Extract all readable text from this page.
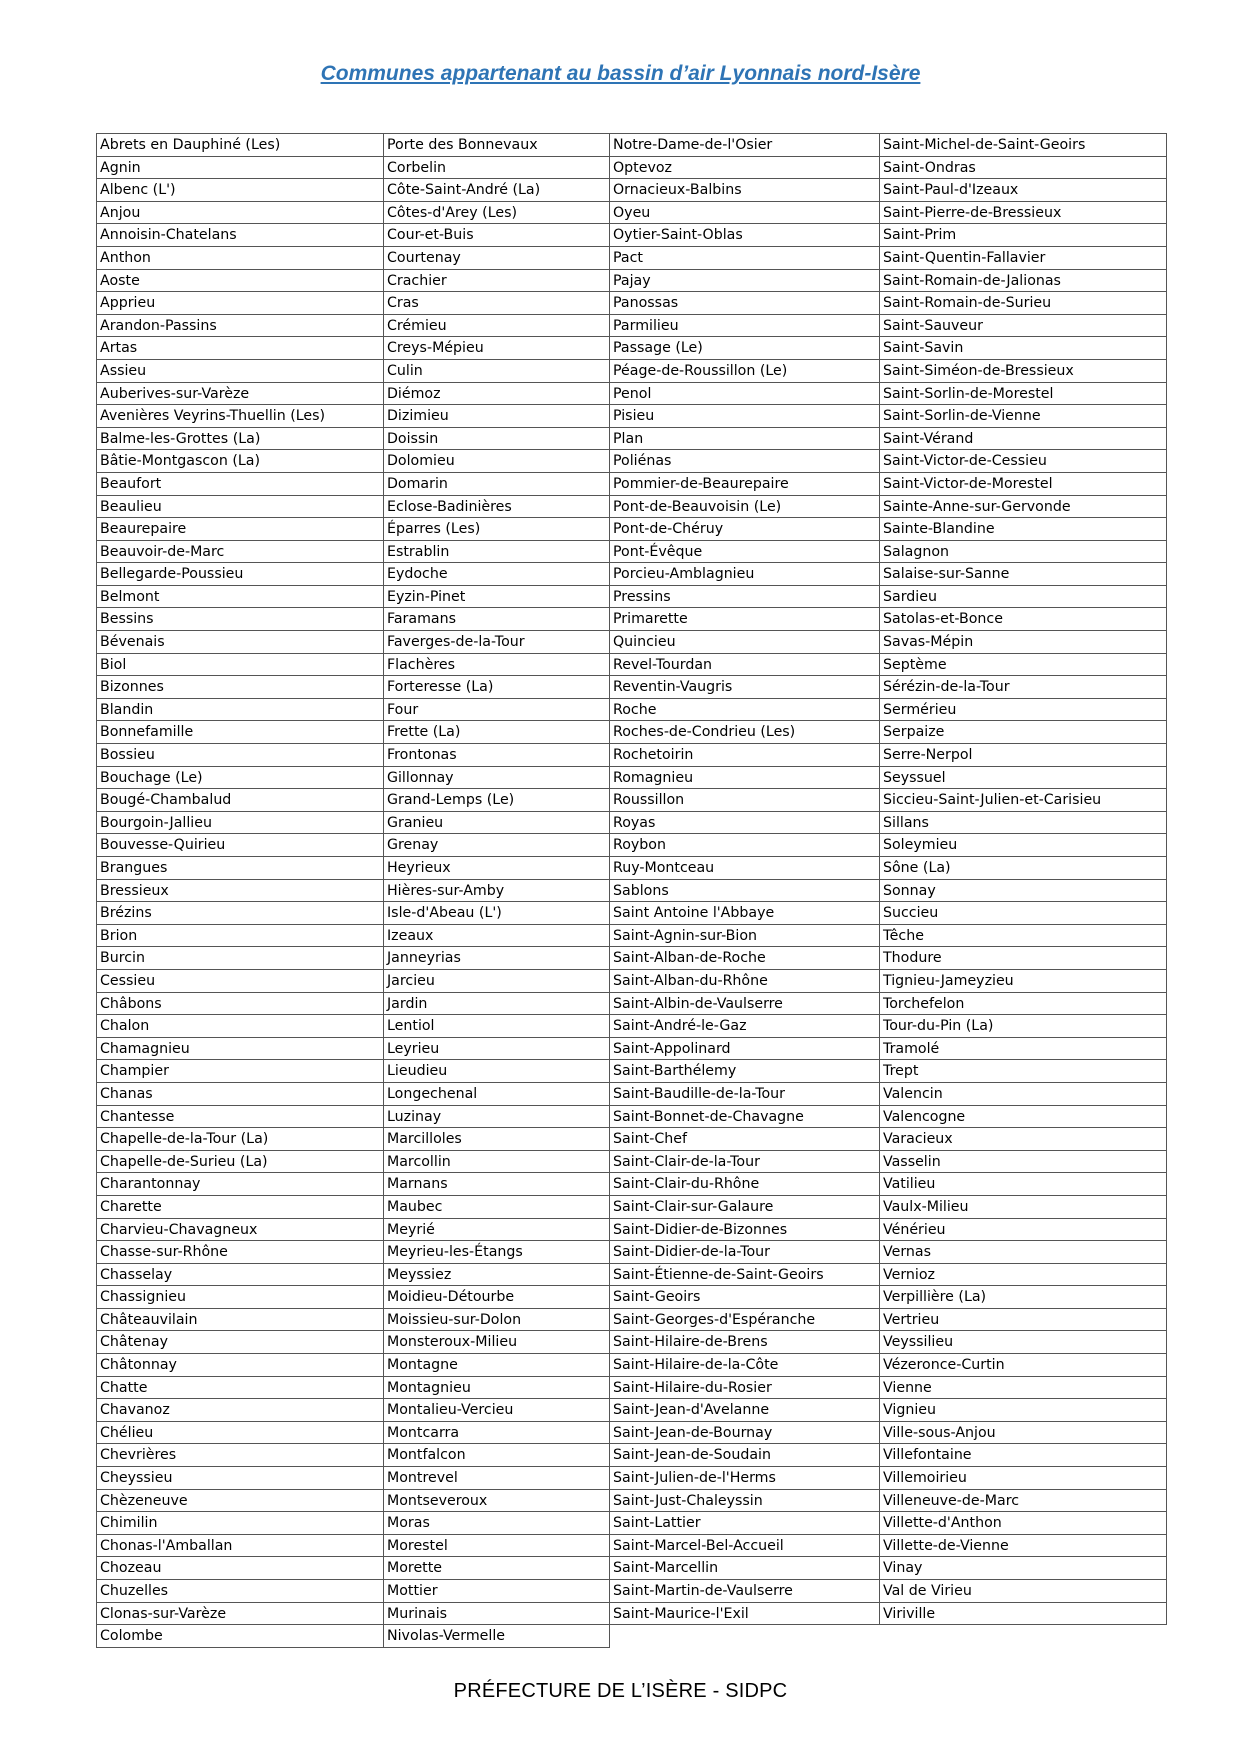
Communes appartenant au bassin d’air Lyonnais nord-Isère
Abrets en Dauphiné (Les)
Agnin
Albenc (L')
Anjou
Annoisin-Chatelans
Anthon
Aoste
Apprieu
Arandon-Passins
Artas
Assieu
Auberives-sur-Varèze
Avenières Veyrins-Thuellin (Les)
Balme-les-Grottes (La)
Bâtie-Montgascon (La)
Beaufort
Beaulieu
Beaurepaire
Beauvoir-de-Marc
Bellegarde-Poussieu
Belmont
Bessins
Bévenais
Biol
Bizonnes
Blandin
Bonnefamille
Bossieu
Bouchage (Le)
Bougé-Chambalud
Bourgoin-Jallieu
Bouvesse-Quirieu
Brangues
Bressieux
Brézins
Brion
Burcin
Cessieu
Châbons
Chalon
Chamagnieu
Champier
Chanas
Chantesse
Chapelle-de-la-Tour (La)
Chapelle-de-Surieu (La)
Charantonnay
Charette
Charvieu-Chavagneux
Chasse-sur-Rhône
Chasselay
Chassignieu
Châteauvilain
Châtenay
Châtonnay
Chatte
Chavanoz
Chélieu
Chevrières
Cheyssieu
Chèzeneuve
Chimilin
Chonas-l'Amballan
Chozeau
Chuzelles
Clonas-sur-Varèze
Colombe
Porte des Bonnevaux
Corbelin
Côte-Saint-André (La)
Côtes-d'Arey (Les)
Cour-et-Buis
Courtenay
Crachier
Cras
Crémieu
Creys-Mépieu
Culin
Diémoz
Dizimieu
Doissin
Dolomieu
Domarin
Eclose-Badinières
Éparres (Les)
Estrablin
Eydoche
Eyzin-Pinet
Faramans
Faverges-de-la-Tour
Flachères
Forteresse (La)
Four
Frette (La)
Frontonas
Gillonnay
Grand-Lemps (Le)
Granieu
Grenay
Heyrieux
Hières-sur-Amby
Isle-d'Abeau (L')
Izeaux
Janneyrias
Jarcieu
Jardin
Lentiol
Leyrieu
Lieudieu
Longechenal
Luzinay
Marcilloles
Marcollin
Marnans
Maubec
Meyrié
Meyrieu-les-Étangs
Meyssiez
Moidieu-Détourbe
Moissieu-sur-Dolon
Monsteroux-Milieu
Montagne
Montagnieu
Montalieu-Vercieu
Montcarra
Montfalcon
Montrevel
Montseveroux
Moras
Morestel
Morette
Mottier
Murinais
Nivolas-Vermelle
Notre-Dame-de-l'Osier
Optevoz
Ornacieux-Balbins
Oyeu
Oytier-Saint-Oblas
Pact
Pajay
Panossas
Parmilieu
Passage (Le)
Péage-de-Roussillon (Le)
Penol
Pisieu
Plan
Poliénas
Pommier-de-Beaurepaire
Pont-de-Beauvoisin (Le)
Pont-de-Chéruy
Pont-Évêque
Porcieu-Amblagnieu
Pressins
Primarette
Quincieu
Revel-Tourdan
Reventin-Vaugris
Roche
Roches-de-Condrieu (Les)
Rochetoirin
Romagnieu
Roussillon
Royas
Roybon
Ruy-Montceau
Sablons
Saint Antoine l'Abbaye
Saint-Agnin-sur-Bion
Saint-Alban-de-Roche
Saint-Alban-du-Rhône
Saint-Albin-de-Vaulserre
Saint-André-le-Gaz
Saint-Appolinard
Saint-Barthélemy
Saint-Baudille-de-la-Tour
Saint-Bonnet-de-Chavagne
Saint-Chef
Saint-Clair-de-la-Tour
Saint-Clair-du-Rhône
Saint-Clair-sur-Galaure
Saint-Didier-de-Bizonnes
Saint-Didier-de-la-Tour
Saint-Étienne-de-Saint-Geoirs
Saint-Geoirs
Saint-Georges-d'Espéranche
Saint-Hilaire-de-Brens
Saint-Hilaire-de-la-Côte
Saint-Hilaire-du-Rosier
Saint-Jean-d'Avelanne
Saint-Jean-de-Bournay
Saint-Jean-de-Soudain
Saint-Julien-de-l'Herms
Saint-Just-Chaleyssin
Saint-Lattier
Saint-Marcel-Bel-Accueil
Saint-Marcellin
Saint-Martin-de-Vaulserre
Saint-Maurice-l'Exil
Saint-Michel-de-Saint-Geoirs
Saint-Ondras
Saint-Paul-d'Izeaux
Saint-Pierre-de-Bressieux
Saint-Prim
Saint-Quentin-Fallavier
Saint-Romain-de-Jalionas
Saint-Romain-de-Surieu
Saint-Sauveur
Saint-Savin
Saint-Siméon-de-Bressieux
Saint-Sorlin-de-Morestel
Saint-Sorlin-de-Vienne
Saint-Vérand
Saint-Victor-de-Cessieu
Saint-Victor-de-Morestel
Sainte-Anne-sur-Gervonde
Sainte-Blandine
Salagnon
Salaise-sur-Sanne
Sardieu
Satolas-et-Bonce
Savas-Mépin
Septème
Sérézin-de-la-Tour
Sermérieu
Serpaize
Serre-Nerpol
Seyssuel
Siccieu-Saint-Julien-et-Carisieu
Sillans
Soleymieu
Sône (La)
Sonnay
Succieu
Têche
Thodure
Tignieu-Jameyzieu
Torchefelon
Tour-du-Pin (La)
Tramolé
Trept
Valencin
Valencogne
Varacieux
Vasselin
Vatilieu
Vaulx-Milieu
Vénérieu
Vernas
Vernioz
Verpillière (La)
Vertrieu
Veyssilieu
Vézeronce-Curtin
Vienne
Vignieu
Ville-sous-Anjou
Villefontaine
Villemoirieu
Villeneuve-de-Marc
Villette-d'Anthon
Villette-de-Vienne
Vinay
Val de Virieu
Viriville
PRÉFECTURE DE L’ISÈRE - SIDPC
